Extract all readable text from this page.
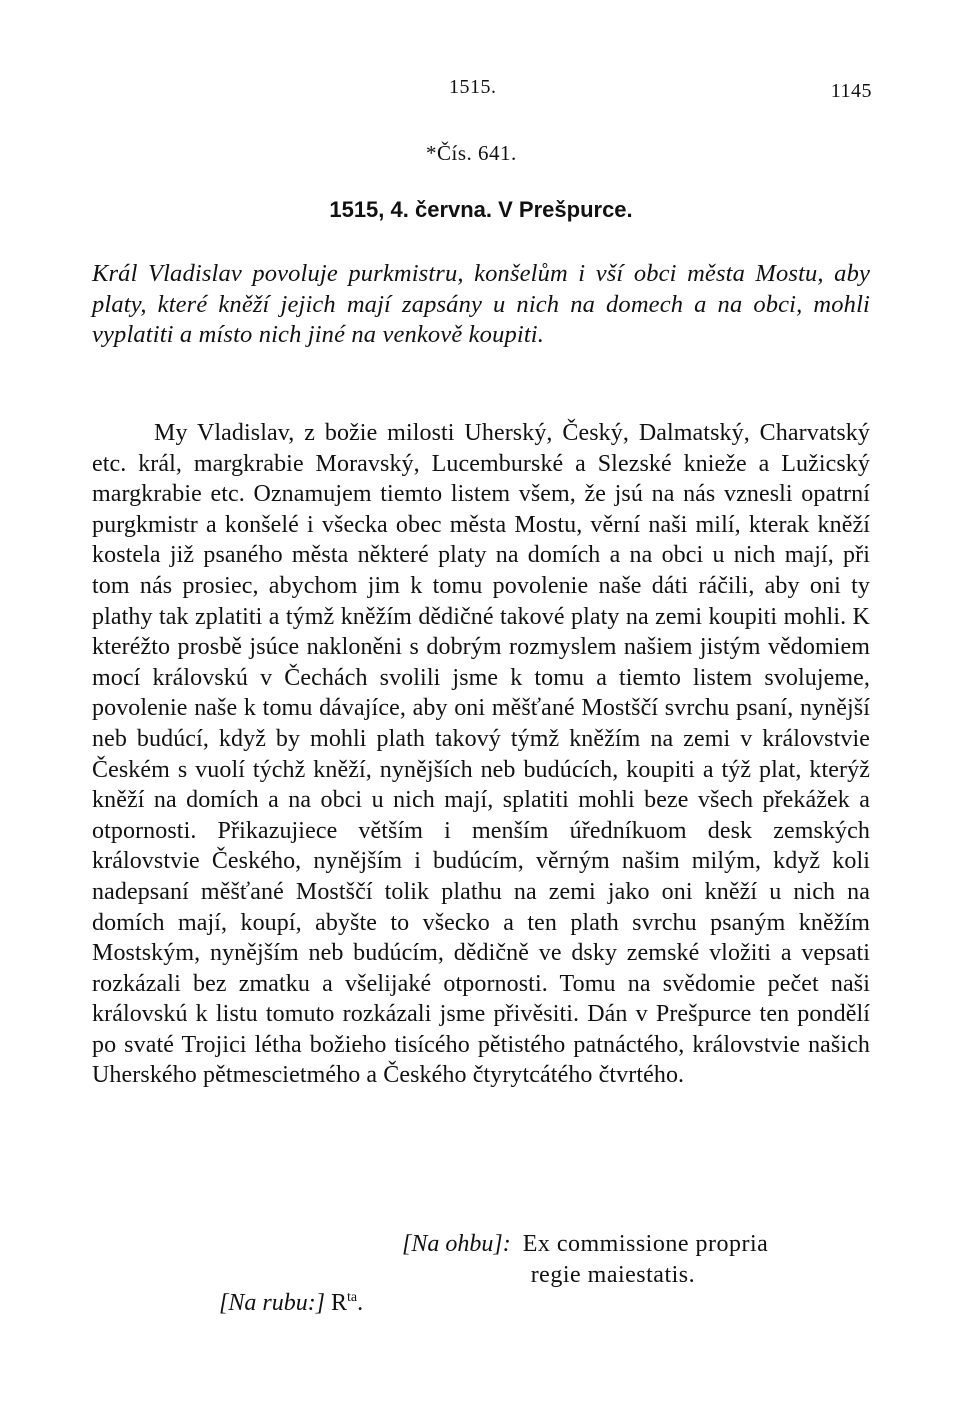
1515.	1145
*Čís. 641.
1515, 4. června. V Prešpurce.
Král Vladislav povoluje purkmistru, konšelům i vší obci města Mostu, aby platy, které kněží jejich mají zapsány u nich na domech a na obci, mohli vyplatiti a místo nich jiné na venkově koupiti.

My Vladislav, z božie milosti Uherský, Český, Dalmatský, Charvatský etc. král, margkrabie Moravský, Lucemburské a Slezské knieže a Lužicský margkrabie etc. Oznamujem tiemto listem všem, že jsú na nás vznesli opatrní purgkmistr a konšelé i všecka obec města Mostu, věrní naši milí, kterak kněží kostela již psaného města některé platy na domích a na obci u nich mají, při tom nás prosiec, abychom jim k tomu povolenie naše dáti ráčili, aby oni ty plathy tak zplatiti a týmž kněžím dědičné takové platy na zemi koupiti mohli. K kteréžto prosbě jsúce nakloněni s dobrým rozmyslem našiem jistým vědomiem mocí královskú v Čechách svolili jsme k tomu a tiemto listem svolujeme, povolenie naše k tomu dávajíce, aby oni měšťané Mostščí svrchu psaní, nynější neb budúcí, když by mohli plath takový týmž kněžím na zemi v královstvie Českém s vuolí týchž kněží, nynějších neb budúcích, koupiti a týž plat, kterýž kněží na domích a na obci u nich mají, splatiti mohli beze všech překážek a otpornosti. Přikazujiece větším i menším úředníkuom desk zemských královstvie Českého, nynějším i budúcím, věrným našim milým, když koli nadepsaní měšťané Mostščí tolik plathu na zemi jako oni kněží u nich na domích mají, koupí, abyšte to všecko a ten plath svrchu psaným kněžím Mostským, nynějším neb budúcím, dědičně ve dsky zemské vložiti a vepsati rozkázali bez zmatku a všelijaké otpornosti. Tomu na svědomie pečet naši královskú k listu tomuto rozkázali jsme přivěsiti. Dán v Prešpurce ten pondělí po svaté Trojici létha božieho tisícého pětistého patnáctého, královstvie našich Uherského pětmescietmého a Českého čtyrytcátého čtvrtého.

[Na ohbu]: Ex commissione propria
regie maiestatis.
[Na rubu:] $R^{ta}$.
